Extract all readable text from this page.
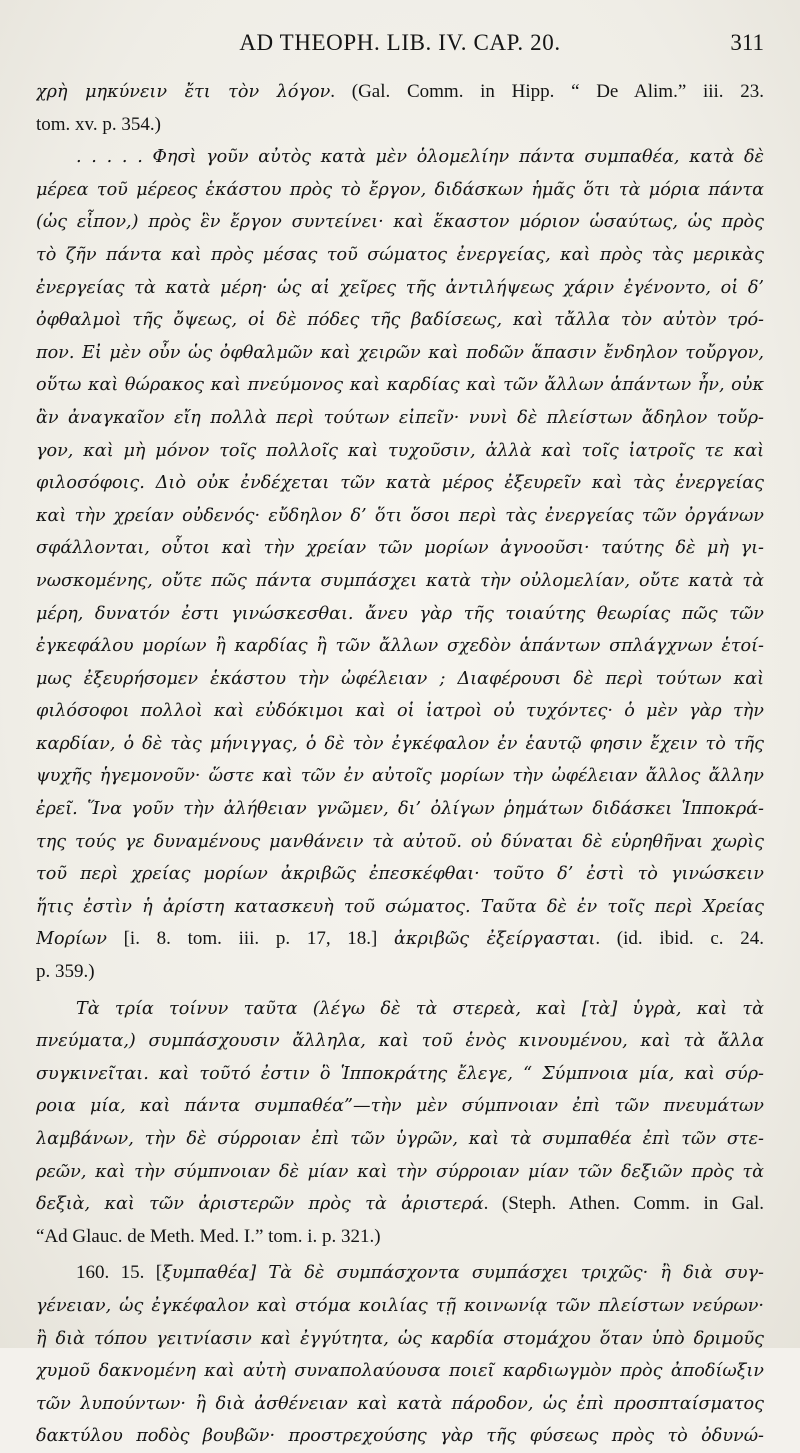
AD THEOPH. LIB. IV. CAP. 20.	311
χρὴ μηκύνειν ἔτι τὸν λόγον. (Gal. Comm. in Hipp. “ De Alim.” iii. 23.
tom. xv. p. 354.)
. . . . . Φησὶ γοῦν αὐτὸς κατὰ μὲν ὁλομελίην πάντα συμπαθέα, κατὰ δὲ
μέρεα τοῦ μέρεος ἑκάστου πρὸς τὸ ἔργον, διδάσκων ἡμᾶς ὅτι τὰ μόρια πάντα
(ὡς εἶπον,) πρὸς ἓν ἔργον συντείνει· καὶ ἕκαστον μόριον ὡσαύτως, ὡς πρὸς
τὸ ζῆν πάντα καὶ πρὸς μέσας τοῦ σώματος ἐνεργείας, καὶ πρὸς τὰς μερικὰς
ἐνεργείας τὰ κατὰ μέρη· ὡς αἱ χεῖρες τῆς ἀντιλήψεως χάριν ἐγένοντο, οἱ δ’
ὀφθαλμοὶ τῆς ὄψεως, οἱ δὲ πόδες τῆς βαδίσεως, καὶ τἄλλα τὸν αὐτὸν τρό-
πον. Εἰ μὲν οὖν ὡς ὀφθαλμῶν καὶ χειρῶν καὶ ποδῶν ἅπασιν ἔνδηλον τοὔργον,
οὕτω καὶ θώρακος καὶ πνεύμονος καὶ καρδίας καὶ τῶν ἄλλων ἁπάντων ἦν, οὐκ
ἂν ἀναγκαῖον εἴη πολλὰ περὶ τούτων εἰπεῖν· νυνὶ δὲ πλείστων ἄδηλον τοὔρ-
γον, καὶ μὴ μόνον τοῖς πολλοῖς καὶ τυχοῦσιν, ἀλλὰ καὶ τοῖς ἰατροῖς τε καὶ
φιλοσόφοις. Διὸ οὐκ ἐνδέχεται τῶν κατὰ μέρος ἐξευρεῖν καὶ τὰς ἐνεργείας
καὶ τὴν χρείαν οὐδενός· εὔδηλον δ’ ὅτι ὅσοι περὶ τὰς ἐνεργείας τῶν ὀργάνων
σφάλλονται, οὗτοι καὶ τὴν χρείαν τῶν μορίων ἀγνοοῦσι· ταύτης δὲ μὴ γι-
νωσκομένης, οὔτε πῶς πάντα συμπάσχει κατὰ τὴν οὐλομελίαν, οὔτε κατὰ τὰ
μέρη, δυνατόν ἐστι γινώσκεσθαι. ἄνευ γὰρ τῆς τοιαύτης θεωρίας πῶς τῶν
ἐγκεφάλου μορίων ἢ καρδίας ἢ τῶν ἄλλων σχεδὸν ἁπάντων σπλάγχνων ἑτοί-
μως ἐξευρήσομεν ἑκάστου τὴν ὠφέλειαν ; Διαφέρουσι δὲ περὶ τούτων καὶ
φιλόσοφοι πολλοὶ καὶ εὐδόκιμοι καὶ οἱ ἰατροὶ οὐ τυχόντες· ὁ μὲν γὰρ τὴν
καρδίαν, ὁ δὲ τὰς μήνιγγας, ὁ δὲ τὸν ἐγκέφαλον ἐν ἑαυτῷ φησιν ἔχειν τὸ τῆς
ψυχῆς ἡγεμονοῦν· ὥστε καὶ τῶν ἐν αὐτοῖς μορίων τὴν ὠφέλειαν ἄλλος ἄλλην
ἐρεῖ. Ἵνα γοῦν τὴν ἀλήθειαν γνῶμεν, δι’ ὀλίγων ῥημάτων διδάσκει Ἱπποκρά-
της τούς γε δυναμένους μανθάνειν τὰ αὐτοῦ. οὐ δύναται δὲ εὑρηθῆναι χωρὶς
τοῦ περὶ χρείας μορίων ἀκριβῶς ἐπεσκέφθαι· τοῦτο δ’ ἐστὶ τὸ γινώσκειν
ἥτις ἐστὶν ἡ ἀρίστη κατασκευὴ τοῦ σώματος. Ταῦτα δὲ ἐν τοῖς περὶ Χρείας
Μορίων [i. 8. tom. iii. p. 17, 18.] ἀκριβῶς ἐξείργασται. (id. ibid. c. 24.
p. 359.)
Τὰ τρία τοίνυν ταῦτα (λέγω δὲ τὰ στερεὰ, καὶ [τὰ] ὑγρὰ, καὶ τὰ
πνεύματα,) συμπάσχουσιν ἄλληλα, καὶ τοῦ ἑνὸς κινουμένου, καὶ τὰ ἄλλα
συγκινεῖται. καὶ τοῦτό ἐστιν ὃ Ἱπποκράτης ἔλεγε, “ Σύμπνοια μία, καὶ σύρ-
ροια μία, καὶ πάντα συμπαθέα”—τὴν μὲν σύμπνοιαν ἐπὶ τῶν πνευμάτων
λαμβάνων, τὴν δὲ σύρροιαν ἐπὶ τῶν ὑγρῶν, καὶ τὰ συμπαθέα ἐπὶ τῶν στε-
ρεῶν, καὶ τὴν σύμπνοιαν δὲ μίαν καὶ τὴν σύρροιαν μίαν τῶν δεξιῶν πρὸς τὰ
δεξιὰ, καὶ τῶν ἀριστερῶν πρὸς τὰ ἀριστερά. (Steph. Athen. Comm. in Gal.
“Ad Glauc. de Meth. Med. I.” tom. i. p. 321.)
160. 15. [ξυμπαθέα] Τὰ δὲ συμπάσχοντα συμπάσχει τριχῶς· ἢ διὰ συγ-
γένειαν, ὡς ἐγκέφαλον καὶ στόμα κοιλίας τῇ κοινωνίᾳ τῶν πλείστων νεύρων·
ἢ διὰ τόπου γειτνίασιν καὶ ἐγγύτητα, ὡς καρδία στομάχου ὅταν ὑπὸ δριμοῦς
χυμοῦ δακνομένη καὶ αὐτὴ συναπολαύουσα ποιεῖ καρδιωγμὸν πρὸς ἀποδίωξιν
τῶν λυπούντων· ἢ διὰ ἀσθένειαν καὶ κατὰ πάροδον, ὡς ἐπὶ προσπταίσματος
δακτύλου ποδὸς βουβῶν· προστρεχούσης γὰρ τῆς φύσεως πρὸς τὸ ὀδυνώ-
